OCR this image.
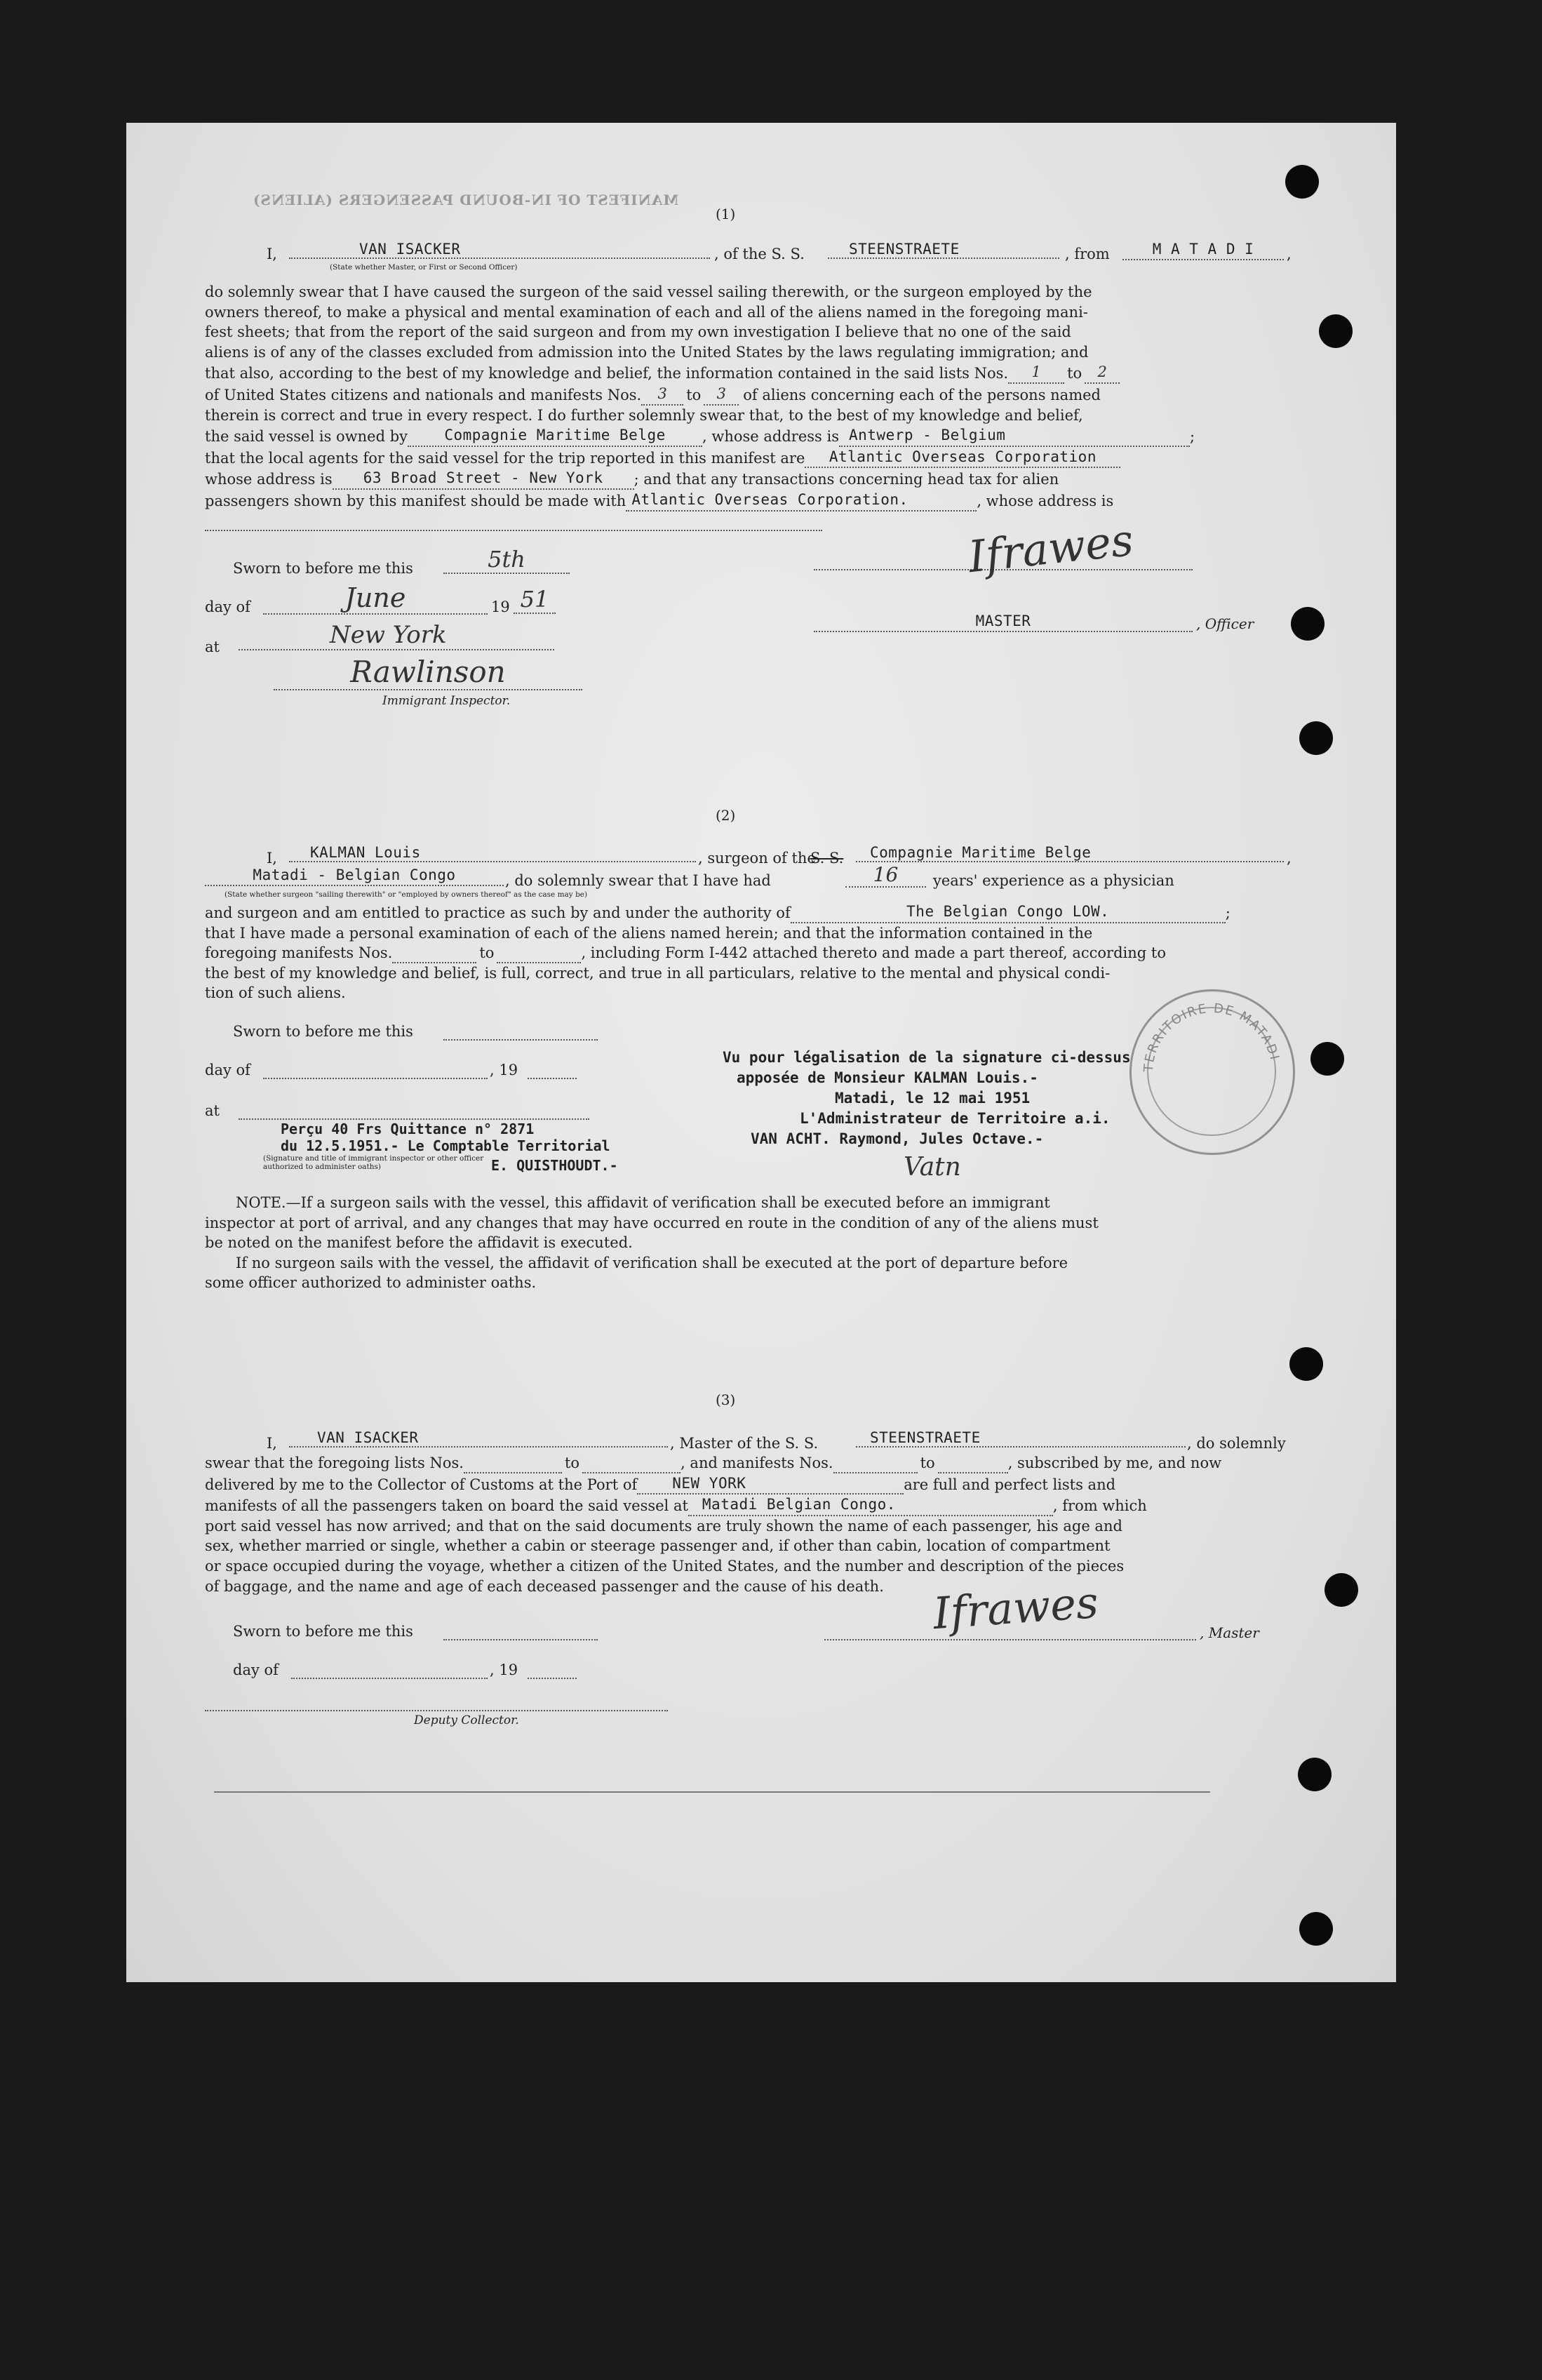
MANIFEST OF IN-BOUND PASSENGERS (ALIENS)
(1)
I,	VAN ISACKER
(State whether Master, or First or Second Officer)
, of the S. S.	STEENSTRAETE	, from	M A T A D I	,
do solemnly swear that I have caused the surgeon of the said vessel sailing therewith, or the surgeon employed by the
owners thereof, to make a physical and mental examination of each and all of the aliens named in the foregoing mani-
fest sheets; that from the report of the said surgeon and from my own investigation I believe that no one of the said
aliens is of any of the classes excluded from admission into the United States by the laws regulating immigration; and
that also, according to the best of my knowledge and belief, the information contained in the said lists Nos.	1	to	2
of United States citizens and nationals and manifests Nos.	3	to	3	of aliens concerning each of the persons named
therein is correct and true in every respect. I do further solemnly swear that, to the best of my knowledge and belief,
the said vessel is owned by	Compagnie Maritime Belge	, whose address is Antwerp - Belgium	;
that the local agents for the said vessel for the trip reported in this manifest are	Atlantic Overseas Corporation
whose address is	63 Broad Street - New York	; and that any transactions concerning head tax for alien
passengers shown by this manifest should be made with Atlantic Overseas Corporation.	, whose address is
Sworn to before me this	5th
day of	June	19 51
at	New York
Rawlinson
Immigrant Inspector.
Ifrawes
MASTER	, Officer
(2)
I,	KALMAN Louis	, surgeon of the
S. S.	Compagnie Maritime Belge	,
Matadi - Belgian Congo	, do solemnly swear that I have had	16	years' experience as a physician
(State whether surgeon "sailing therewith" or "employed by owners thereof" as the case may be)
and surgeon and am entitled to practice as such by and under the authority of	The Belgian Congo LOW.	;
that I have made a personal examination of each of the aliens named herein; and that the information contained in the
foregoing manifests Nos.	to	, including Form I-442 attached thereto and made a part thereof, according to
the best of my knowledge and belief, is full, correct, and true in all particulars, relative to the mental and physical condi-
tion of such aliens.
Sworn to before me this
day of	, 19
at
Perçu 40 Frs Quittance n° 2871
du 12.5.1951.- Le Comptable Territorial
(Signature and title of immigrant inspector or other officer authorized to administer oaths)	E. QUISTHOUDT.-
Vu pour légalisation de la signature ci-dessus
apposée de Monsieur KALMAN Louis.-
Matadi, le 12 mai 1951
L'Administrateur de Territoire a.i.
VAN ACHT. Raymond, Jules Octave.-
Vatn
TERRITOIRE DE MATADI
NOTE.—If a surgeon sails with the vessel, this affidavit of verification shall be executed before an immigrant
inspector at port of arrival, and any changes that may have occurred en route in the condition of any of the aliens must
be noted on the manifest before the affidavit is executed.
If no surgeon sails with the vessel, the affidavit of verification shall be executed at the port of departure before
some officer authorized to administer oaths.
(3)
I,	VAN ISACKER	, Master of the S. S.	STEENSTRAETE	, do solemnly
swear that the foregoing lists Nos.	to	, and manifests Nos.	to	, subscribed by me, and now
delivered by me to the Collector of Customs at the Port of	NEW YORK	are full and perfect lists and
manifests of all the passengers taken on board the said vessel at Matadi Belgian Congo.	, from which
port said vessel has now arrived; and that on the said documents are truly shown the name of each passenger, his age and
sex, whether married or single, whether a cabin or steerage passenger and, if other than cabin, location of compartment
or space occupied during the voyage, whether a citizen of the United States, and the number and description of the pieces
of baggage, and the name and age of each deceased passenger and the cause of his death.
Sworn to before me this
day of	, 19
Deputy Collector.
Ifrawes	, Master
